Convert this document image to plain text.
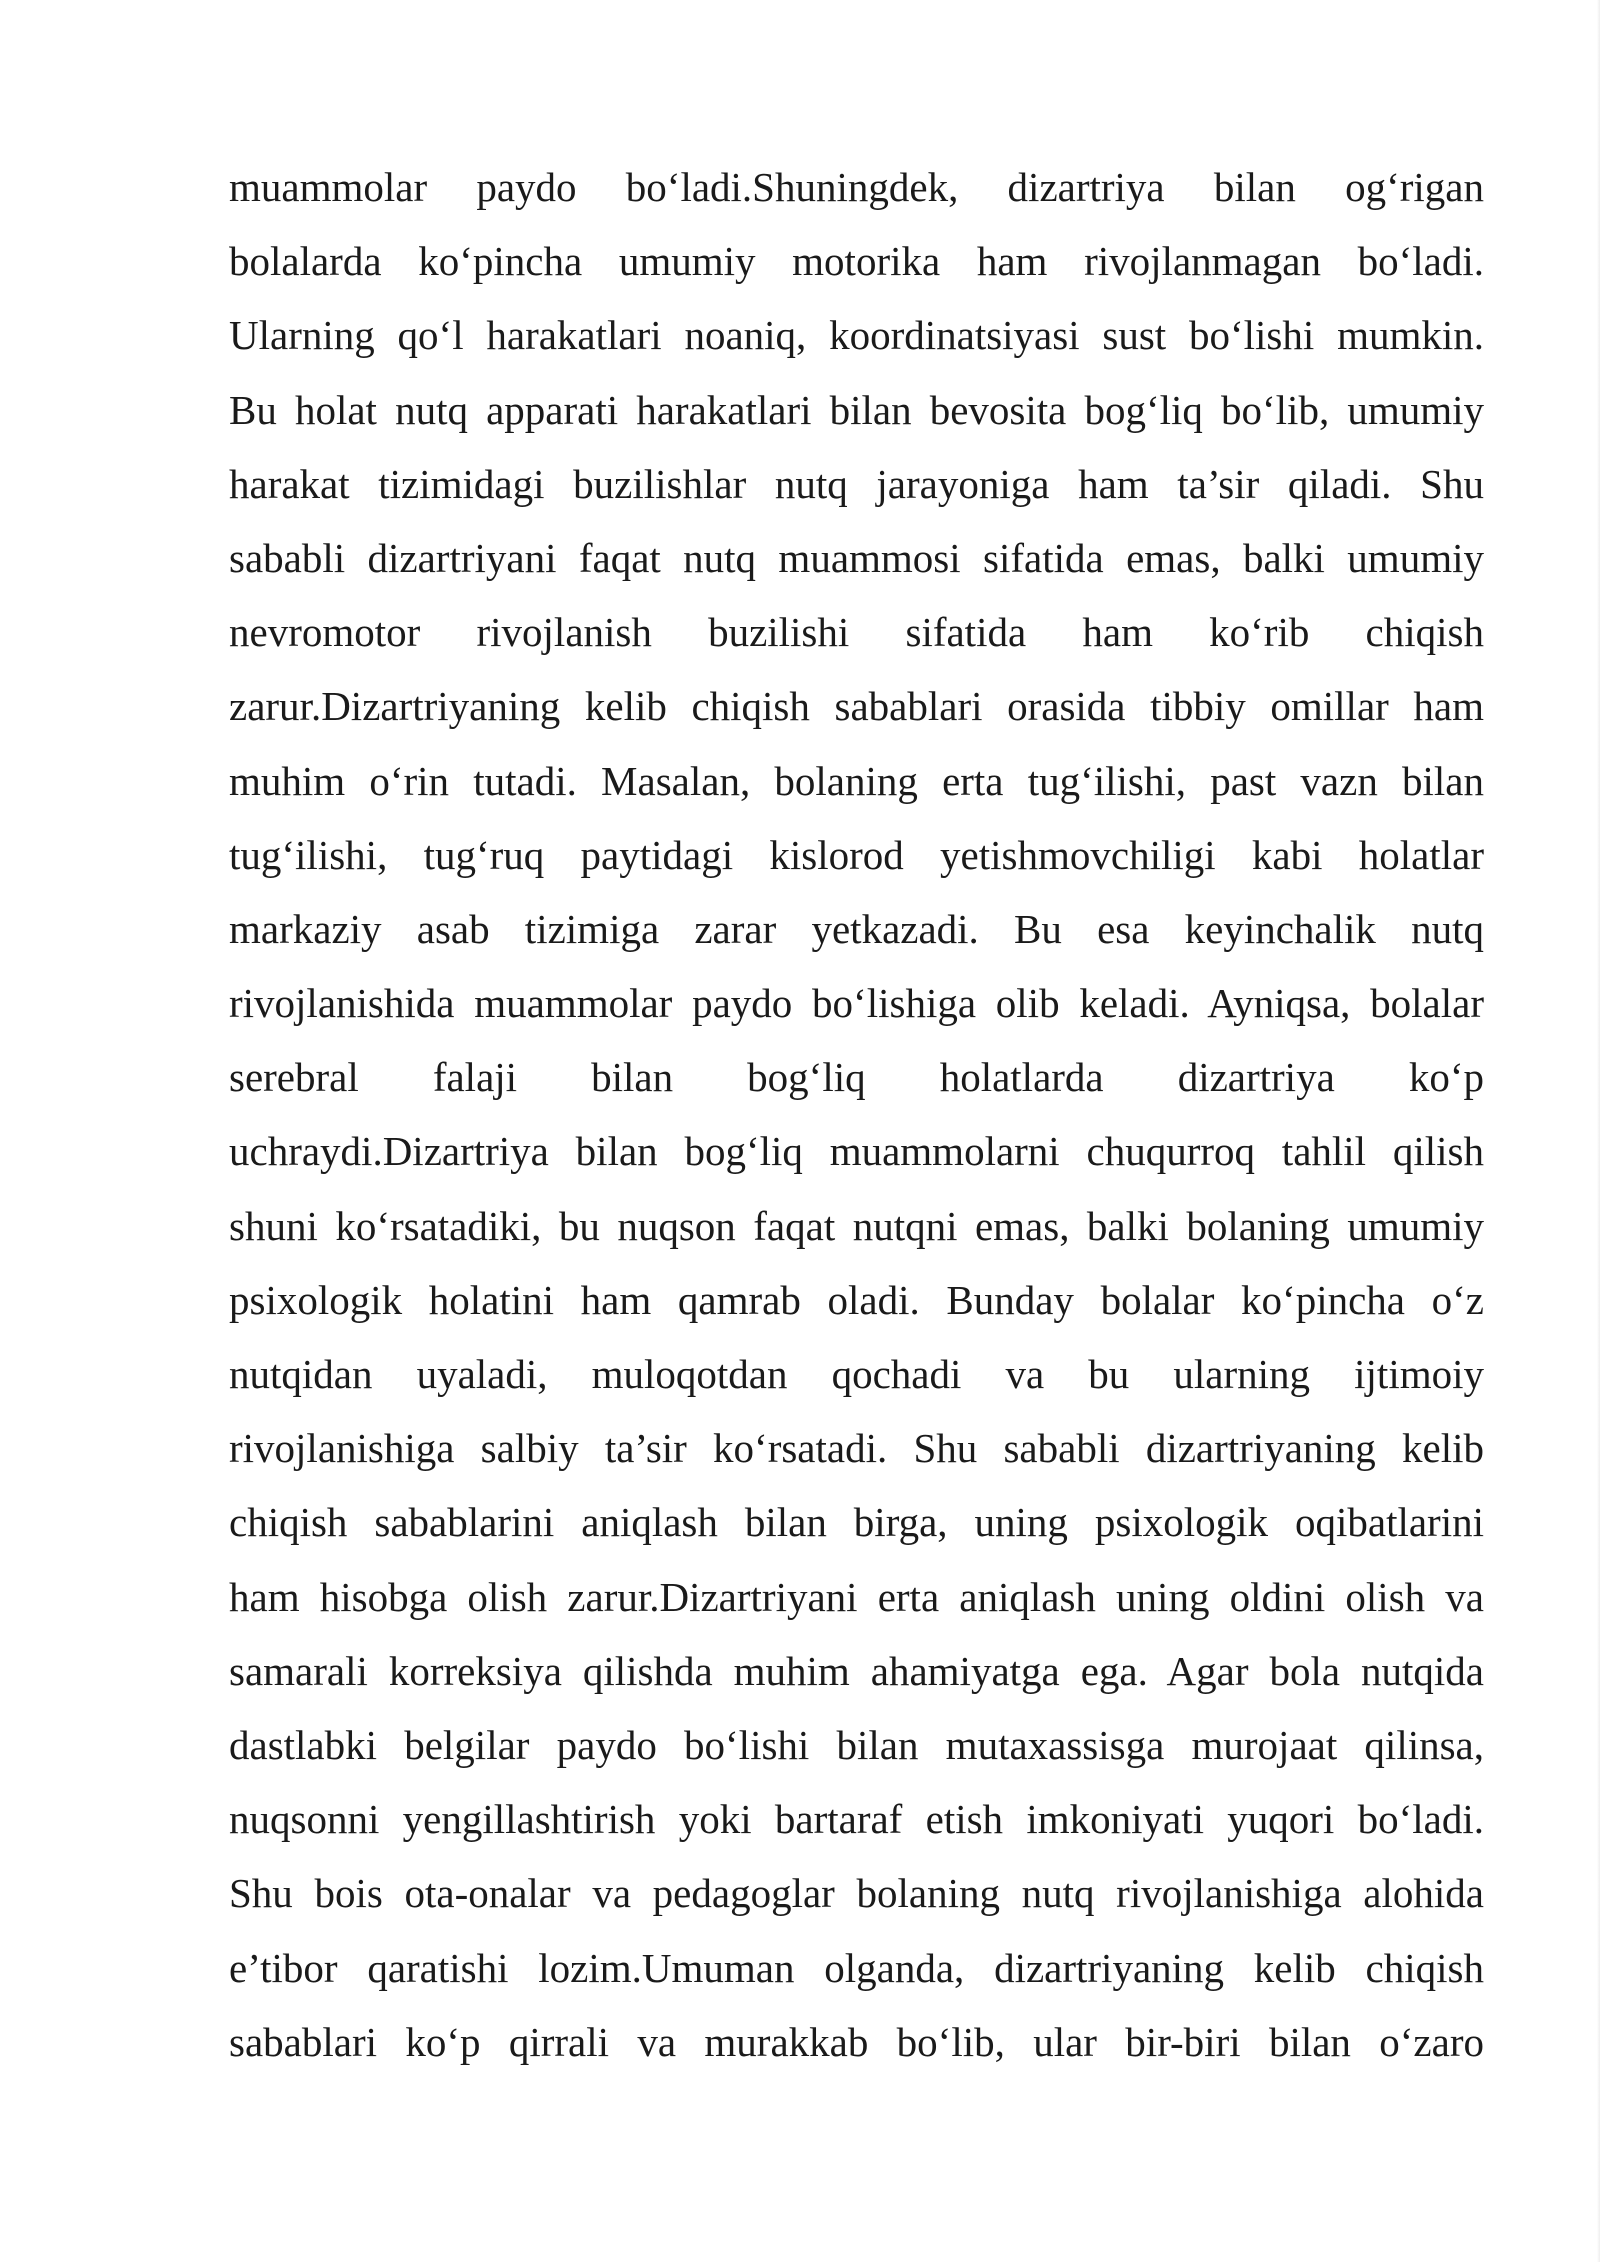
muammolar paydo bo‘ladi.Shuningdek, dizartriya bilan og‘rigan
bolalarda ko‘pincha umumiy motorika ham rivojlanmagan bo‘ladi.
Ularning qo‘l harakatlari noaniq, koordinatsiyasi sust bo‘lishi mumkin.
Bu holat nutq apparati harakatlari bilan bevosita bog‘liq bo‘lib, umumiy
harakat tizimidagi buzilishlar nutq jarayoniga ham ta’sir qiladi. Shu
sababli dizartriyani faqat nutq muammosi sifatida emas, balki umumiy
nevromotor rivojlanish buzilishi sifatida ham ko‘rib chiqish
zarur.Dizartriyaning kelib chiqish sabablari orasida tibbiy omillar ham
muhim o‘rin tutadi. Masalan, bolaning erta tug‘ilishi, past vazn bilan
tug‘ilishi, tug‘ruq paytidagi kislorod yetishmovchiligi kabi holatlar
markaziy asab tizimiga zarar yetkazadi. Bu esa keyinchalik nutq
rivojlanishida muammolar paydo bo‘lishiga olib keladi. Ayniqsa, bolalar
serebral falaji bilan bog‘liq holatlarda dizartriya ko‘p
uchraydi.Dizartriya bilan bog‘liq muammolarni chuqurroq tahlil qilish
shuni ko‘rsatadiki, bu nuqson faqat nutqni emas, balki bolaning umumiy
psixologik holatini ham qamrab oladi. Bunday bolalar ko‘pincha o‘z
nutqidan uyaladi, muloqotdan qochadi va bu ularning ijtimoiy
rivojlanishiga salbiy ta’sir ko‘rsatadi. Shu sababli dizartriyaning kelib
chiqish sabablarini aniqlash bilan birga, uning psixologik oqibatlarini
ham hisobga olish zarur.Dizartriyani erta aniqlash uning oldini olish va
samarali korreksiya qilishda muhim ahamiyatga ega. Agar bola nutqida
dastlabki belgilar paydo bo‘lishi bilan mutaxassisga murojaat qilinsa,
nuqsonni yengillashtirish yoki bartaraf etish imkoniyati yuqori bo‘ladi.
Shu bois ota-onalar va pedagoglar bolaning nutq rivojlanishiga alohida
e’tibor qaratishi lozim.Umuman olganda, dizartriyaning kelib chiqish
sabablari ko‘p qirrali va murakkab bo‘lib, ular bir-biri bilan o‘zaro
